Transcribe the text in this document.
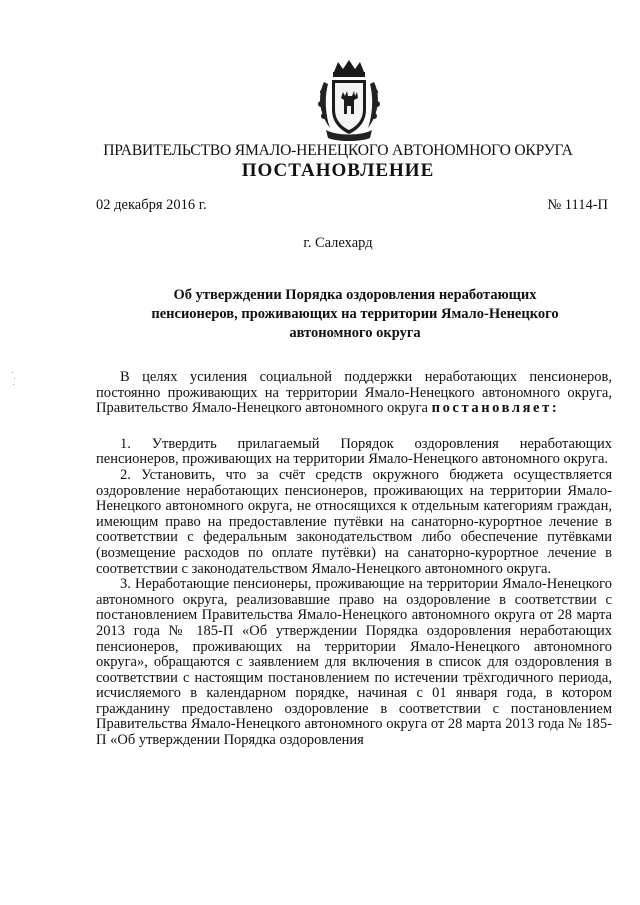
ПРАВИТЕЛЬСТВО ЯМАЛО-НЕНЕЦКОГО АВТОНОМНОГО ОКРУГА
ПОСТАНОВЛЕНИЕ
02 декабря 2016 г.	№ 1114-П
г. Салехард
Об утверждении Порядка оздоровления неработающих пенсионеров, проживающих на территории Ямало-Ненецкого автономного округа

В целях усиления социальной поддержки неработающих пенсионеров, постоянно проживающих на территории Ямало-Ненецкого автономного округа, Правительство Ямало-Ненецкого автономного округа постановляет:

1. Утвердить прилагаемый Порядок оздоровления неработающих пенсионеров, проживающих на территории Ямало-Ненецкого автономного округа.

2. Установить, что за счёт средств окружного бюджета осуществляется оздоровление неработающих пенсионеров, проживающих на территории Ямало-Ненецкого автономного округа, не относящихся к отдельным категориям граждан, имеющим право на предоставление путёвки на санаторно-курортное лечение в соответствии с федеральным законодательством либо обеспечение путёвками (возмещение расходов по оплате путёвки) на санаторно-курортное лечение в соответствии с законодательством Ямало-Ненецкого автономного округа.

3. Неработающие пенсионеры, проживающие на территории Ямало-Ненецкого автономного округа, реализовавшие право на оздоровление в соответствии с постановлением Правительства Ямало-Ненецкого автономного округа от 28 марта 2013 года № 185-П «Об утверждении Порядка оздоровления неработающих пенсионеров, проживающих на территории Ямало-Ненецкого автономного округа», обращаются с заявлением для включения в список для оздоровления в соответствии с настоящим постановлением по истечении трёхгодичного периода, исчисляемого в календарном порядке, начиная с 01 января года, в котором гражданину предоставлено оздоровление в соответствии с постановлением Правительства Ямало-Ненецкого автономного округа от 28 марта 2013 года № 185-П «Об утверждении Порядка оздоровления
